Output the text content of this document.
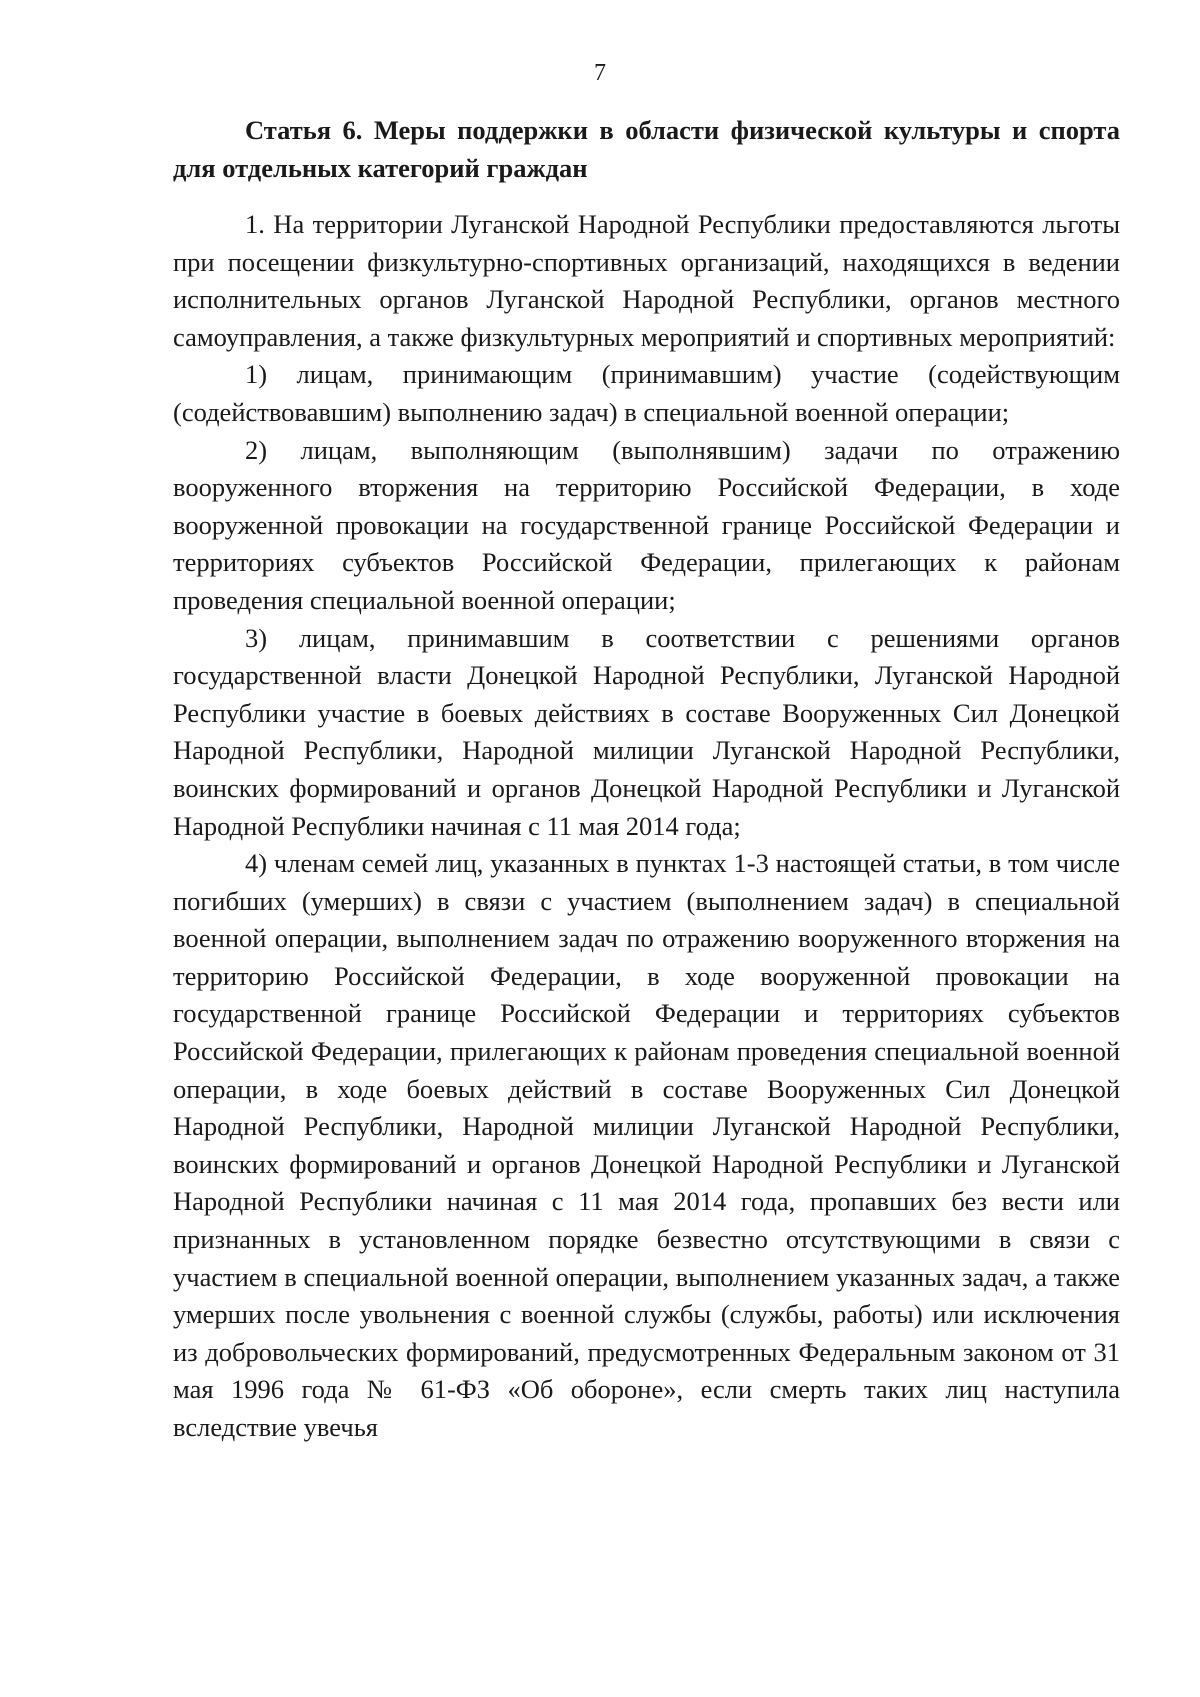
7

Статья 6. Меры поддержки в области физической культуры и спорта для отдельных категорий граждан

1. На территории Луганской Народной Республики предоставляются льготы при посещении физкультурно-спортивных организаций, находящихся в ведении исполнительных органов Луганской Народной Республики, органов местного самоуправления, а также физкультурных мероприятий и спортивных мероприятий:

1) лицам, принимающим (принимавшим) участие (содействующим (содействовавшим) выполнению задач) в специальной военной операции;

2) лицам, выполняющим (выполнявшим) задачи по отражению вооруженного вторжения на территорию Российской Федерации, в ходе вооруженной провокации на государственной границе Российской Федерации и территориях субъектов Российской Федерации, прилегающих к районам проведения специальной военной операции;

3) лицам, принимавшим в соответствии с решениями органов государственной власти Донецкой Народной Республики, Луганской Народной Республики участие в боевых действиях в составе Вооруженных Сил Донецкой Народной Республики, Народной милиции Луганской Народной Республики, воинских формирований и органов Донецкой Народной Республики и Луганской Народной Республики начиная с 11 мая 2014 года;

4) членам семей лиц, указанных в пунктах 1-3 настоящей статьи, в том числе погибших (умерших) в связи с участием (выполнением задач) в специальной военной операции, выполнением задач по отражению вооруженного вторжения на территорию Российской Федерации, в ходе вооруженной провокации на государственной границе Российской Федерации и территориях субъектов Российской Федерации, прилегающих к районам проведения специальной военной операции, в ходе боевых действий в составе Вооруженных Сил Донецкой Народной Республики, Народной милиции Луганской Народной Республики, воинских формирований и органов Донецкой Народной Республики и Луганской Народной Республики начиная с 11 мая 2014 года, пропавших без вести или признанных в установленном порядке безвестно отсутствующими в связи с участием в специальной военной операции, выполнением указанных задач, а также умерших после увольнения с военной службы (службы, работы) или исключения из добровольческих формирований, предусмотренных Федеральным законом от 31 мая 1996 года № 61-ФЗ «Об обороне», если смерть таких лиц наступила вследствие увечья
